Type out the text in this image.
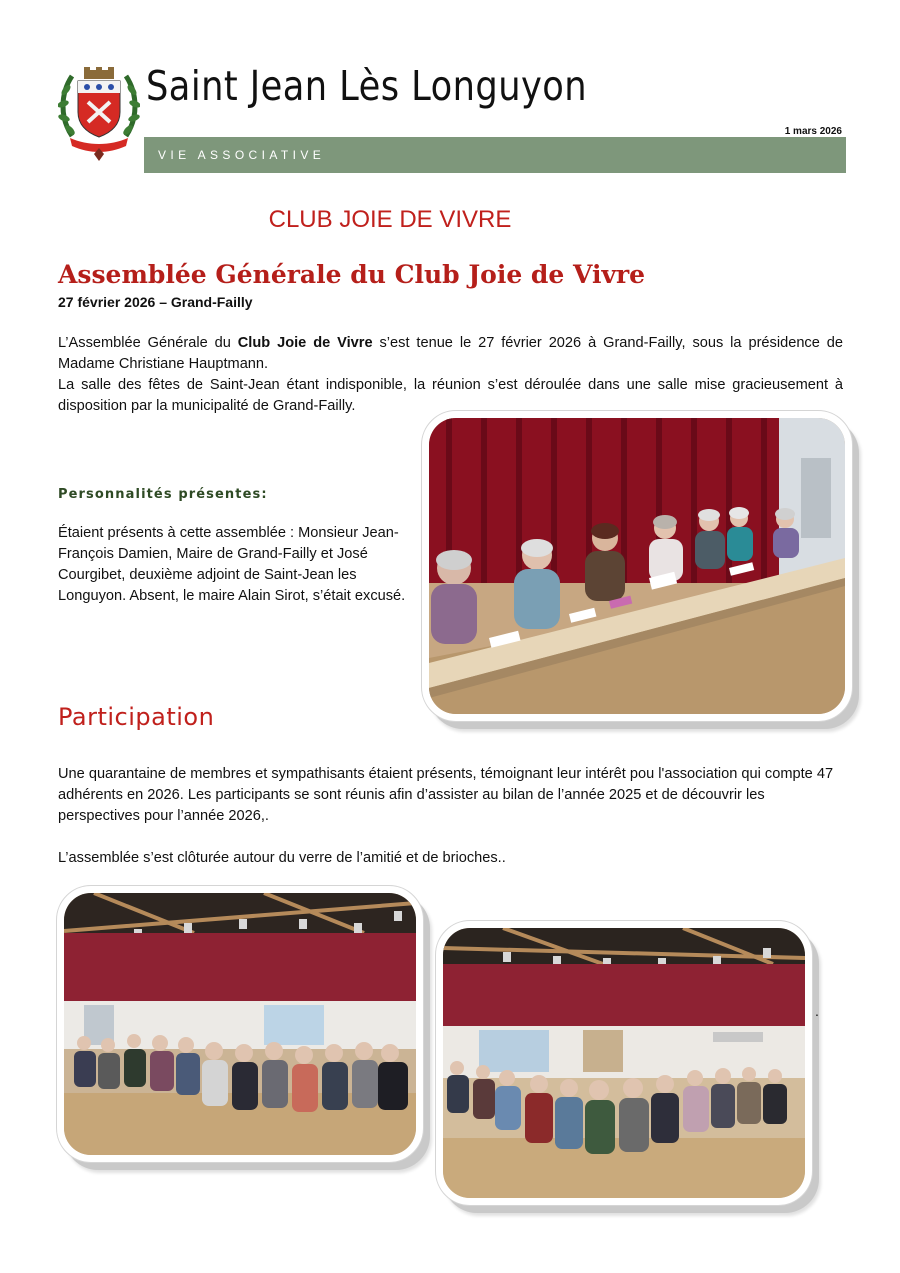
Saint Jean Lès Longuyon
1 mars 2026
VIE ASSOCIATIVE
CLUB JOIE DE VIVRE
Assemblée Générale du Club Joie de Vivre
27 février 2026 – Grand-Failly

L’Assemblée Générale du Club Joie de Vivre s’est tenue le 27 février 2026 à Grand-Failly, sous la présidence de Madame Christiane Hauptmann.

La salle des fêtes de Saint-Jean étant indisponible, la réunion s’est déroulée dans une salle mise gracieusement à disposition par la municipalité de Grand-Failly.

Personnalités présentes:
Étaient présents à cette assemblée : Monsieur Jean-François Damien, Maire de Grand-Failly et José Courgibet, deuxième adjoint de Saint-Jean les Longuyon. Absent, le maire Alain Sirot, s’était excusé.
Participation

Une quarantaine de membres et sympathisants étaient présents, témoignant leur intérêt pou l'association qui compte 47 adhérents en 2026. Les participants se sont réunis afin d’assister au bilan de l’année 2025 et de découvrir les perspectives pour l’année 2026,.

L’assemblée s’est clôturée autour du verre de l’amitié et de brioches..
.
